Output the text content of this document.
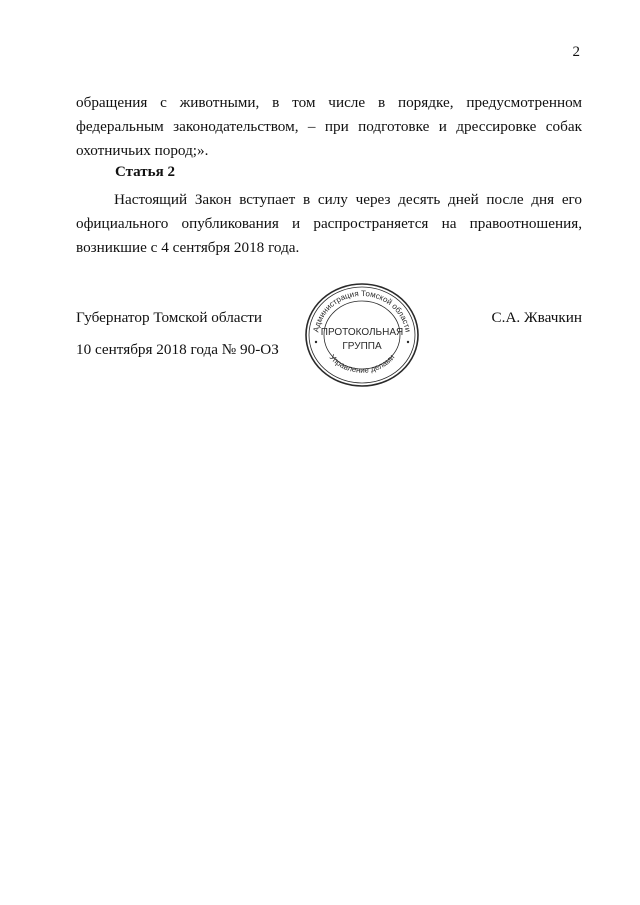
2
обращения с животными, в том числе в порядке, предусмотренном федеральным законодательством, – при подготовке и дрессировке собак охотничьих пород;».
Статья 2
Настоящий Закон вступает в силу через десять дней после дня его официального опубликования и распространяется на правоотношения, возникшие с 4 сентября 2018 года.
Губернатор Томской области	С.А. Жвачкин
10 сентября 2018 года № 90-ОЗ
Администрация Томской области
Управление делами
ПРОТОКОЛЬНАЯ
ГРУППА
